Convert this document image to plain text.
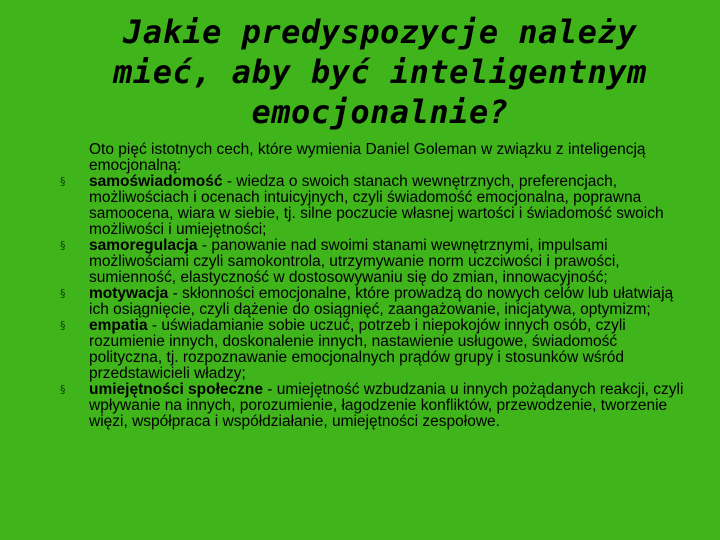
Jakie predyspozycje należy
mieć, aby być inteligentnym
emocjonalnie?
Oto pięć istotnych cech, które wymienia Daniel Goleman w związku z inteligencją emocjonalną:
§ samoświadomość - wiedza o swoich stanach wewnętrznych, preferencjach, możliwościach i ocenach intuicyjnych, czyli świadomość emocjonalna, poprawna samoocena, wiara w siebie, tj. silne poczucie własnej wartości i świadomość swoich możliwości i umiejętności;
§ samoregulacja - panowanie nad swoimi stanami wewnętrznymi, impulsami możliwościami czyli samokontrola, utrzymywanie norm uczciwości i prawości, sumienność, elastyczność w dostosowywaniu się do zmian, innowacyjność;
§ motywacja - skłonności emocjonalne, które prowadzą do nowych celów lub ułatwiają ich osiągnięcie, czyli dążenie do osiągnięć, zaangażowanie, inicjatywa, optymizm;
§ empatia - uświadamianie sobie uczuć, potrzeb i niepokojów innych osób, czyli rozumienie innych, doskonalenie innych, nastawienie usługowe, świadomość polityczna, tj. rozpoznawanie emocjonalnych prądów grupy i stosunków wśród przedstawicieli władzy;
§ umiejętności społeczne - umiejętność wzbudzania u innych pożądanych reakcji, czyli wpływanie na innych, porozumienie, łagodzenie konfliktów, przewodzenie, tworzenie więzi, współpraca i współdziałanie, umiejętności zespołowe.
